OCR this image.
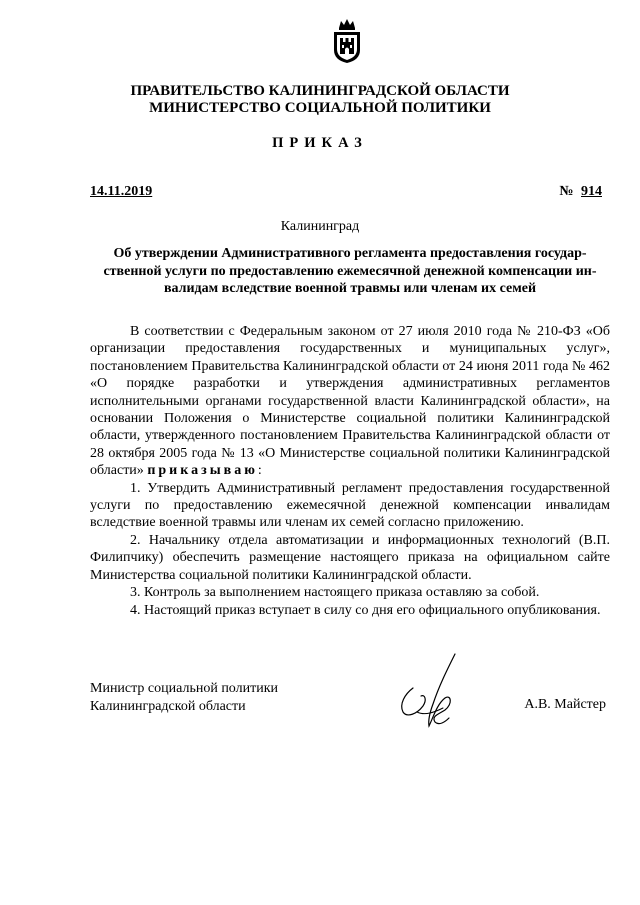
ПРАВИТЕЛЬСТВО КАЛИНИНГРАДСКОЙ ОБЛАСТИ
МИНИСТЕРСТВО СОЦИАЛЬНОЙ ПОЛИТИКИ
ПРИКАЗ
14.11.2019	№ 914
Калининград
Об утверждении Административного регламента предоставления государ-
ственной услуги по предоставлению ежемесячной денежной компенсации ин-
валидам вследствие военной травмы или членам их семей

В соответствии с Федеральным законом от 27 июля 2010 года № 210-ФЗ «Об организации предоставления государственных и муниципальных услуг», постановлением Правительства Калининградской области от 24 июня 2011 года № 462 «О порядке разработки и утверждения административных регламентов исполнительными органами государственной власти Калининградской области», на основании Положения о Министерстве социальной политики Калининградской области, утвержденного постановлением Правительства Калининградской области от 28 октября 2005 года № 13 «О Министерстве социальной политики Калининградской области» приказываю:

1. Утвердить Административный регламент предоставления государственной услуги по предоставлению ежемесячной денежной компенсации инвалидам вследствие военной травмы или членам их семей согласно приложению.

2. Начальнику отдела автоматизации и информационных технологий (В.П. Филипчику) обеспечить размещение настоящего приказа на официальном сайте Министерства социальной политики Калининградской области.

3. Контроль за выполнением настоящего приказа оставляю за собой.

4. Настоящий приказ вступает в силу со дня его официального опубликования.

Министр социальной политики
Калининградской области	А.В. Майстер
